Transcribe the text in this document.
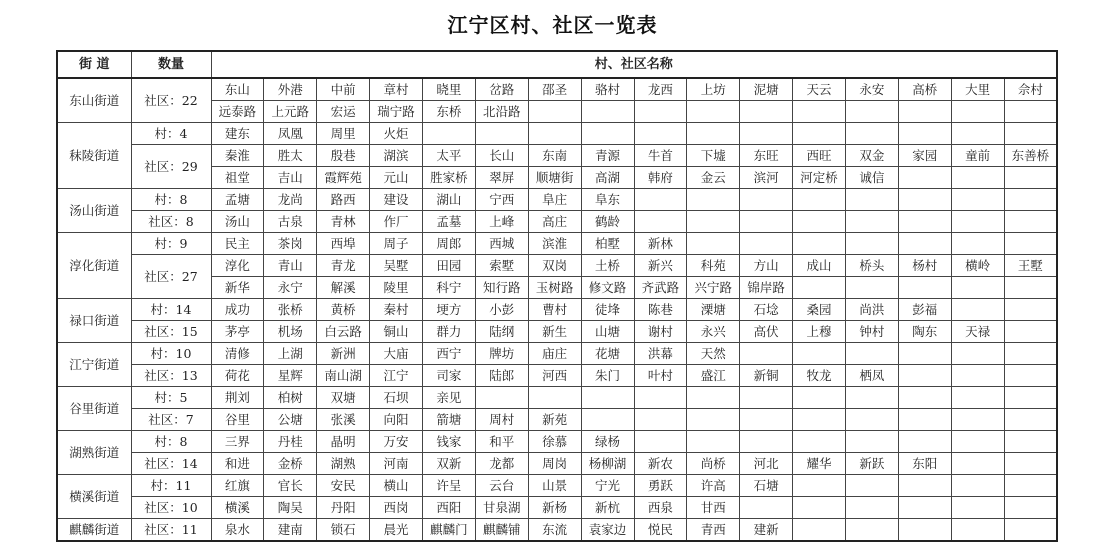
江宁区村、社区一览表
街 道	数量	村、社区名称															
东山街道	社区：22	东山	外港	中前	章村	晓里	岔路	邵圣	骆村	龙西	上坊	泥塘	天云	永安	高桥	大里	佘村
		远泰路	上元路	宏运	瑞宁路	东桥	北沿路										
秣陵街道	村：4	建东	凤凰	周里	火炬												
	社区：29	秦淮	胜太	殷巷	湖滨	太平	长山	东南	青源	牛首	下墟	东旺	西旺	双金	家园	童前	东善桥
		祖堂	吉山	霞辉苑	元山	胜家桥	翠屏	顺塘街	高湖	韩府	金云	滨河	河定桥	诚信			
汤山街道	村：8	孟塘	龙尚	路西	建设	湖山	宁西	阜庄	阜东								
	社区：8	汤山	古泉	青林	作厂	孟墓	上峰	高庄	鹤龄								
淳化街道	村：9	民主	茶岗	西埠	周子	周郎	西城	滨淮	柏墅	新林							
	社区：27	淳化	青山	青龙	吴墅	田园	索墅	双岗	土桥	新兴	科苑	方山	成山	桥头	杨村	横岭	王墅
		新华	永宁	解溪	陵里	科宁	知行路	玉树路	修文路	齐武路	兴宁路	锦岸路					
禄口街道	村：14	成功	张桥	黄桥	秦村	埂方	小彭	曹村	徒埄	陈巷	溧塘	石埝	桑园	尚洪	彭福		
	社区：15	茅亭	机场	白云路	铜山	群力	陆纲	新生	山塘	谢村	永兴	高伏	上穆	钟村	陶东	天禄	
江宁街道	村：10	清修	上湖	新洲	大庙	西宁	牌坊	庙庄	花塘	洪幕	天然						
	社区：13	荷花	星辉	南山湖	江宁	司家	陆郎	河西	朱门	叶村	盛江	新铜	牧龙	栖凤			
谷里街道	村：5	荆刘	柏树	双塘	石坝	亲见											
	社区：7	谷里	公塘	张溪	向阳	箭塘	周村	新苑									
湖熟街道	村：8	三界	丹桂	晶明	万安	钱家	和平	徐慕	绿杨								
	社区：14	和进	金桥	湖熟	河南	双新	龙都	周岗	杨柳湖	新农	尚桥	河北	耀华	新跃	东阳		
横溪街道	村：11	红旗	官长	安民	横山	许呈	云台	山景	宁光	勇跃	许高	石塘					
	社区：10	横溪	陶吴	丹阳	西岗	西阳	甘泉湖	新杨	新杭	西泉	甘西						
麒麟街道	社区：11	泉水	建南	锁石	晨光	麒麟门	麒麟铺	东流	袁家边	悦民	青西	建新					
